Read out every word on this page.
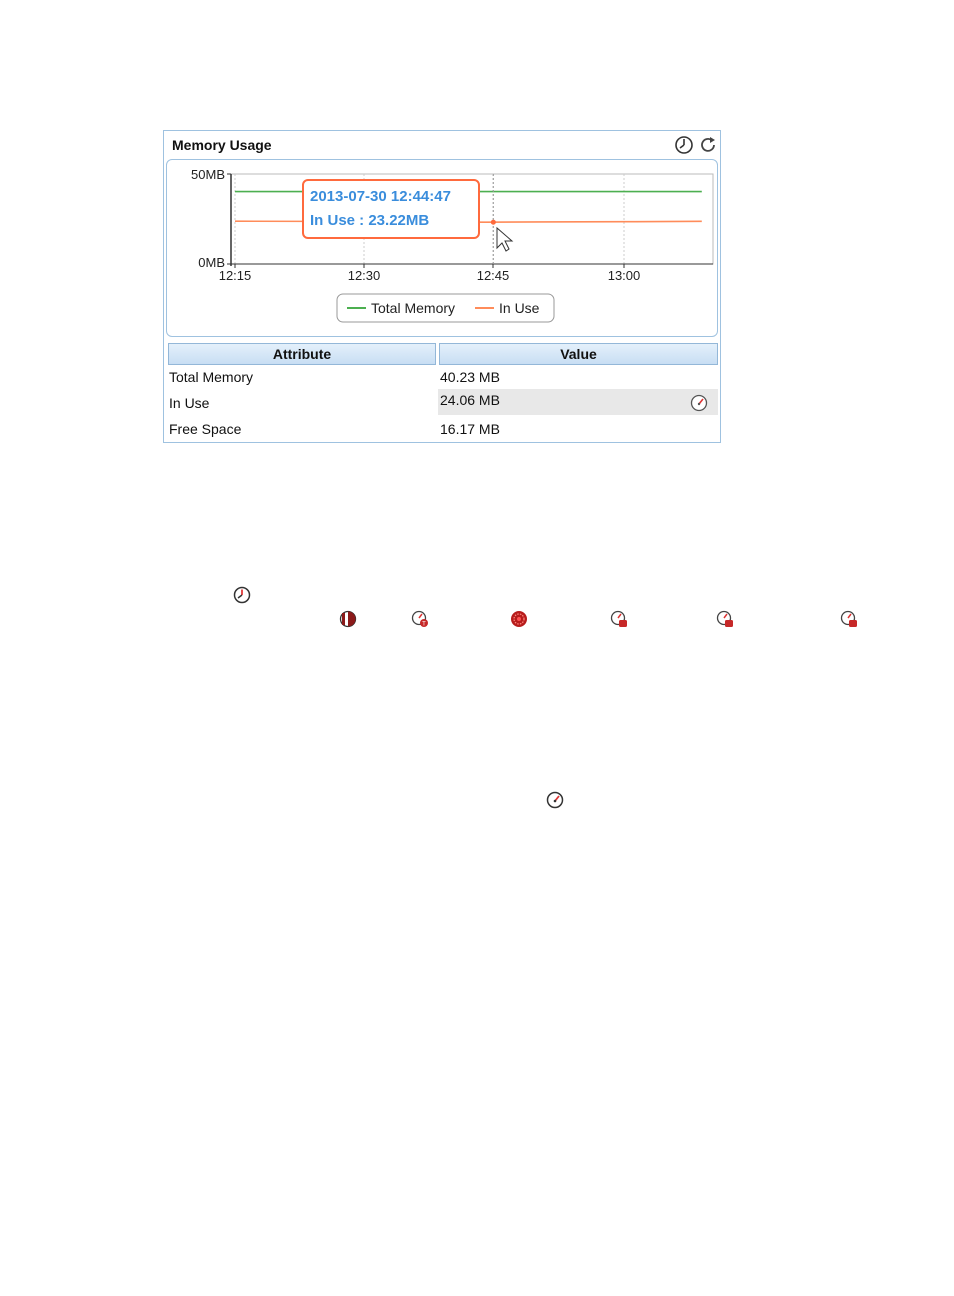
Memory Usage
50MB
0MB
12:15	12:30	12:45	13:00
2013-07-30 12:44:47
In Use : 23.22MB
Total Memory	In Use
Attribute	Value
Total Memory	40.23 MB
In Use	24.06 MB
Free Space	16.17 MB
T
